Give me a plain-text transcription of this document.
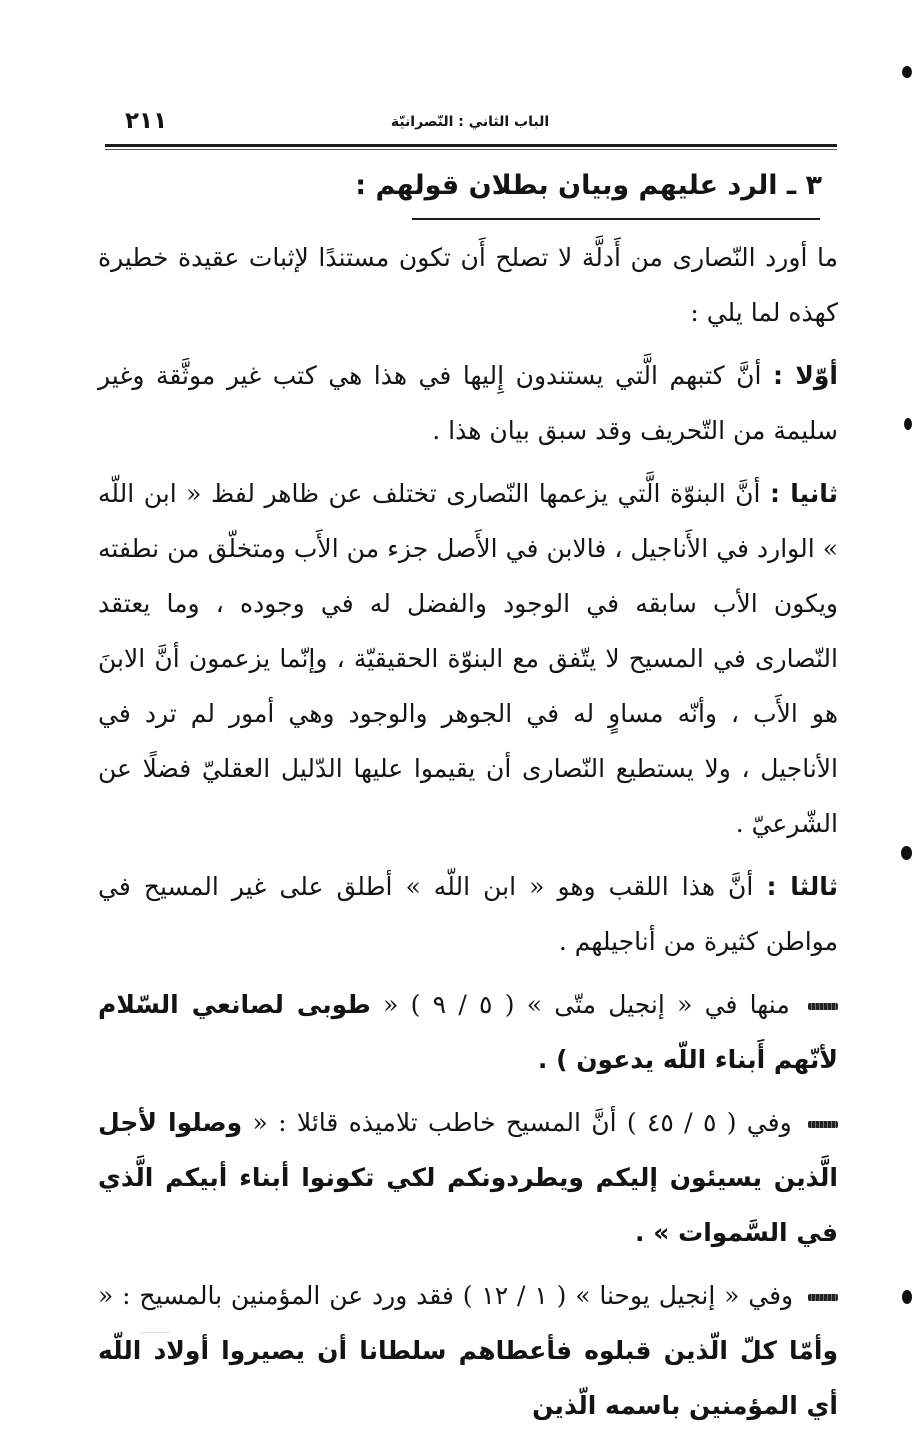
٢١١	الباب الثاني : النّصرانيّة
٣ ـ الرد عليهم وبيان بطلان قولهم :

ما أورد النّصارى من أَدلَّة لا تصلح أَن تكون مستندًا لإثبات عقيدة خطيرة كهذه لما يلي :

أوّلا : أنَّ كتبهم الَّتي يستندون إِليها في هذا هي كتب غير موثَّقة وغير سليمة من التّحريف وقد سبق بيان هذا .

ثانيا : أنَّ البنوّة الَّتي يزعمها النّصارى تختلف عن ظاهر لفظ « ابن اللّه » الوارد في الأَناجيل ، فالابن في الأَصل جزء من الأَب ومتخلّق من نطفته ويكون الأب سابقه في الوجود والفضل له في وجوده ، وما يعتقد النّصارى في المسيح لا يتّفق مع البنوّة الحقيقيّة ، وإنّما يزعمون أنَّ الابنَ هو الأَب ، وأنّه مساوٍ له في الجوهر والوجود وهي أمور لم ترد في الأناجيل ، ولا يستطيع النّصارى أن يقيموا عليها الدّليل العقليّ فضلًا عن الشّرعيّ .

ثالثا : أنَّ هذا اللقب وهو « ابن اللّه » أطلق على غير المسيح في مواطن كثيرة من أناجيلهم .

منها في « إنجيل متّى » ( ٥ / ٩ ) « طوبى لصانعي السّلام لأنّهم أَبناء اللّه يدعون ) .

وفي ( ٥ / ٤٥ ) أنَّ المسيح خاطب تلاميذه قائلا : « وصلوا لأجل الَّذين يسيئون إليكم ويطردونكم لكي تكونوا أبناء أبيكم الَّذي في السَّموات » .

وفي « إنجيل يوحنا » ( ١ / ١٢ ) فقد ورد عن المؤمنين بالمسيح : « وأمّا كلّ الّذين قبلوه فأعطاهم سلطانا أن يصيروا أولاد اللّه أي المؤمنين باسمه الّذين
